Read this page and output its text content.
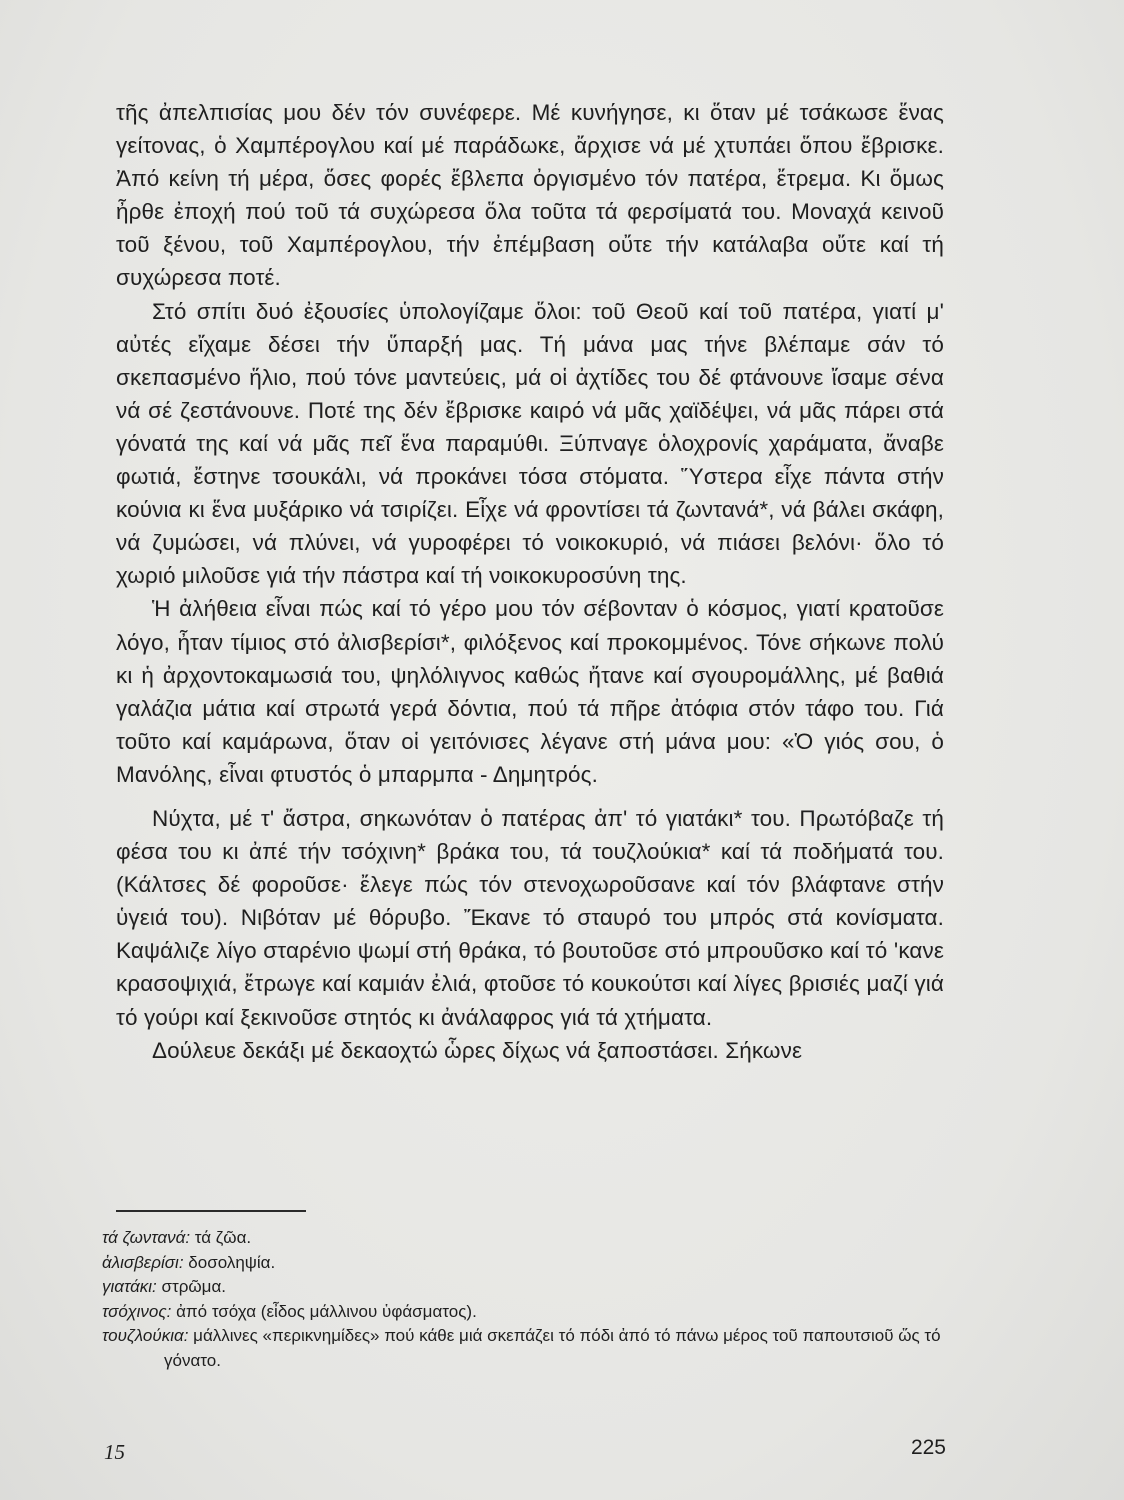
τῆς ἀπελπισίας μου δέν τόν συνέφερε. Μέ κυνήγησε, κι ὅταν μέ τσάκωσε ἕνας γείτονας, ὁ Χαμπέρογλου καί μέ παράδωκε, ἄρχισε νά μέ χτυπάει ὅπου ἔβρισκε. Ἀπό κείνη τή μέρα, ὅσες φορές ἔβλεπα ὀργισμένο τόν πατέρα, ἔτρεμα. Κι ὅμως ἦρθε ἐποχή πού τοῦ τά συχώρεσα ὅλα τοῦτα τά φερσίματά του. Μοναχά κεινοῦ τοῦ ξένου, τοῦ Χαμπέρογλου, τήν ἐπέμβαση οὔτε τήν κατάλαβα οὔτε καί τή συχώρεσα ποτέ.

Στό σπίτι δυό ἐξουσίες ὑπολογίζαμε ὅλοι: τοῦ Θεοῦ καί τοῦ πατέρα, γιατί μ' αὐτές εἴχαμε δέσει τήν ὕπαρξή μας. Τή μάνα μας τήνε βλέπαμε σάν τό σκεπασμένο ἥλιο, πού τόνε μαντεύεις, μά οἱ ἀχτίδες του δέ φτάνουνε ἴσαμε σένα νά σέ ζεστάνουνε. Ποτέ της δέν ἔβρισκε καιρό νά μᾶς χαϊδέψει, νά μᾶς πάρει στά γόνατά της καί νά μᾶς πεῖ ἕνα παραμύθι. Ξύπναγε ὁλοχρονίς χαράματα, ἄναβε φωτιά, ἔστηνε τσουκάλι, νά προκάνει τόσα στόματα. Ὕστερα εἶχε πάντα στήν κούνια κι ἕνα μυξάρικο νά τσιρίζει. Εἶχε νά φροντίσει τά ζωντανά*, νά βάλει σκάφη, νά ζυμώσει, νά πλύνει, νά γυροφέρει τό νοικοκυριό, νά πιάσει βελόνι· ὅλο τό χωριό μιλοῦσε γιά τήν πάστρα καί τή νοικοκυροσύνη της.

Ἡ ἀλήθεια εἶναι πώς καί τό γέρο μου τόν σέβονταν ὁ κόσμος, γιατί κρατοῦσε λόγο, ἦταν τίμιος στό ἀλισβερίσι*, φιλόξενος καί προκομμένος. Τόνε σήκωνε πολύ κι ἡ ἀρχοντοκαμωσιά του, ψηλόλιγνος καθώς ἤτανε καί σγουρομάλλης, μέ βαθιά γαλάζια μάτια καί στρωτά γερά δόντια, πού τά πῆρε ἀτόφια στόν τάφο του. Γιά τοῦτο καί καμάρωνα, ὅταν οἱ γειτόνισες λέγανε στή μάνα μου: «Ὁ γιός σου, ὁ Μανόλης, εἶναι φτυστός ὁ μπαρμπα - Δημητρός.

Νύχτα, μέ τ' ἄστρα, σηκωνόταν ὁ πατέρας ἀπ' τό γιατάκι* του. Πρωτόβαζε τή φέσα του κι ἀπέ τήν τσόχινη* βράκα του, τά τουζλούκια* καί τά ποδήματά του. (Κάλτσες δέ φοροῦσε· ἔλεγε πώς τόν στενοχωροῦσανε καί τόν βλάφτανε στήν ὑγειά του). Νιβόταν μέ θόρυβο. Ἔκανε τό σταυρό του μπρός στά κονίσματα. Καψάλιζε λίγο σταρένιο ψωμί στή θράκα, τό βουτοῦσε στό μπρουῦσκο καί τό 'κανε κρασοψιχιά, ἔτρωγε καί καμιάν ἐλιά, φτοῦσε τό κουκούτσι καί λίγες βρισιές μαζί γιά τό γούρι καί ξεκινοῦσε στητός κι ἀνάλαφρος γιά τά χτήματα.

Δούλευε δεκάξι μέ δεκαοχτώ ὧρες δίχως νά ξαποστάσει. Σήκωνε

τά ζωντανά: τά ζῶα.

ἀλισβερίσι: δοσοληψία.

γιατάκι: στρῶμα.

τσόχινος: ἀπό τσόχα (εἶδος μάλλινου ὑφάσματος).

τουζλούκια: μάλλινες «περικνημίδες» πού κάθε μιά σκεπάζει τό πόδι ἀπό τό πάνω μέρος τοῦ παπουτσιοῦ ὥς τό γόνατο.

15	225
